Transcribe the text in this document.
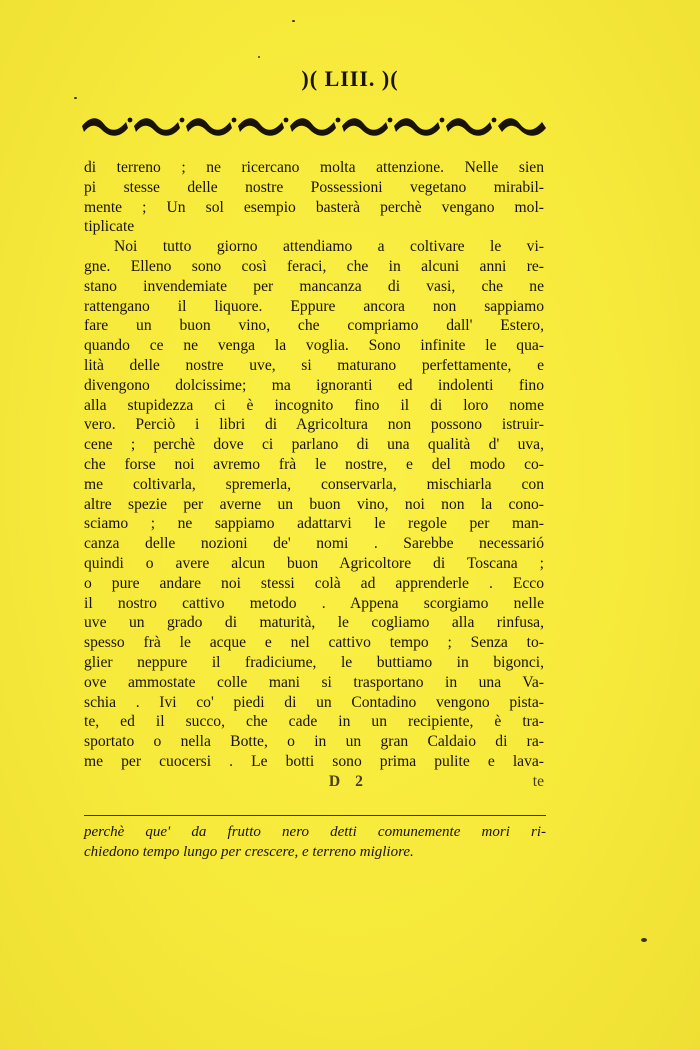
)( LIII. )(
di terreno ; ne ricercano molta attenzione. Nelle sien
pi stesse delle nostre Possessioni vegetano mirabil-
mente ; Un sol esempio basterà perchè vengano mol-
tiplicate
Noi tutto giorno attendiamo a coltivare le vi-
gne. Elleno sono così feraci, che in alcuni anni re-
stano invendemiate per mancanza di vasi, che ne
rattengano il liquore. Eppure ancora non sappiamo
fare un buon vino, che compriamo dall' Estero,
quando ce ne venga la voglia. Sono infinite le qua-
lità delle nostre uve, si maturano perfettamente, e
divengono dolcissime; ma ignoranti ed indolenti fino
alla stupidezza ci è incognito fino il di loro nome
vero. Perciò i libri di Agricoltura non possono istruir-
cene ; perchè dove ci parlano di una qualità d' uva,
che forse noi avremo frà le nostre, e del modo co-
me coltivarla, spremerla, conservarla, mischiarla con
altre spezie per averne un buon vino, noi non la cono-
sciamo ; ne sappiamo adattarvi le regole per man-
canza delle nozioni de' nomi . Sarebbe necessarió
quindi o avere alcun buon Agricoltore di Toscana ;
o pure andare noi stessi colà ad apprenderle . Ecco
il nostro cattivo metodo . Appena scorgiamo nelle
uve un grado di maturità, le cogliamo alla rinfusa,
spesso frà le acque e nel cattivo tempo ; Senza to-
glier neppure il fradiciume, le buttiamo in bigonci,
ove ammostate colle mani si trasportano in una Va-
schia . Ivi co' piedi di un Contadino vengono pista-
te, ed il succo, che cade in un recipiente, è tra-
sportato o nella Botte, o in un gran Caldaio di ra-
me per cuocersi . Le botti sono prima pulite e lava-
D 2	te
perchè que' da frutto nero detti comunemente mori ri-
chiedono tempo lungo per crescere, e terreno migliore.
